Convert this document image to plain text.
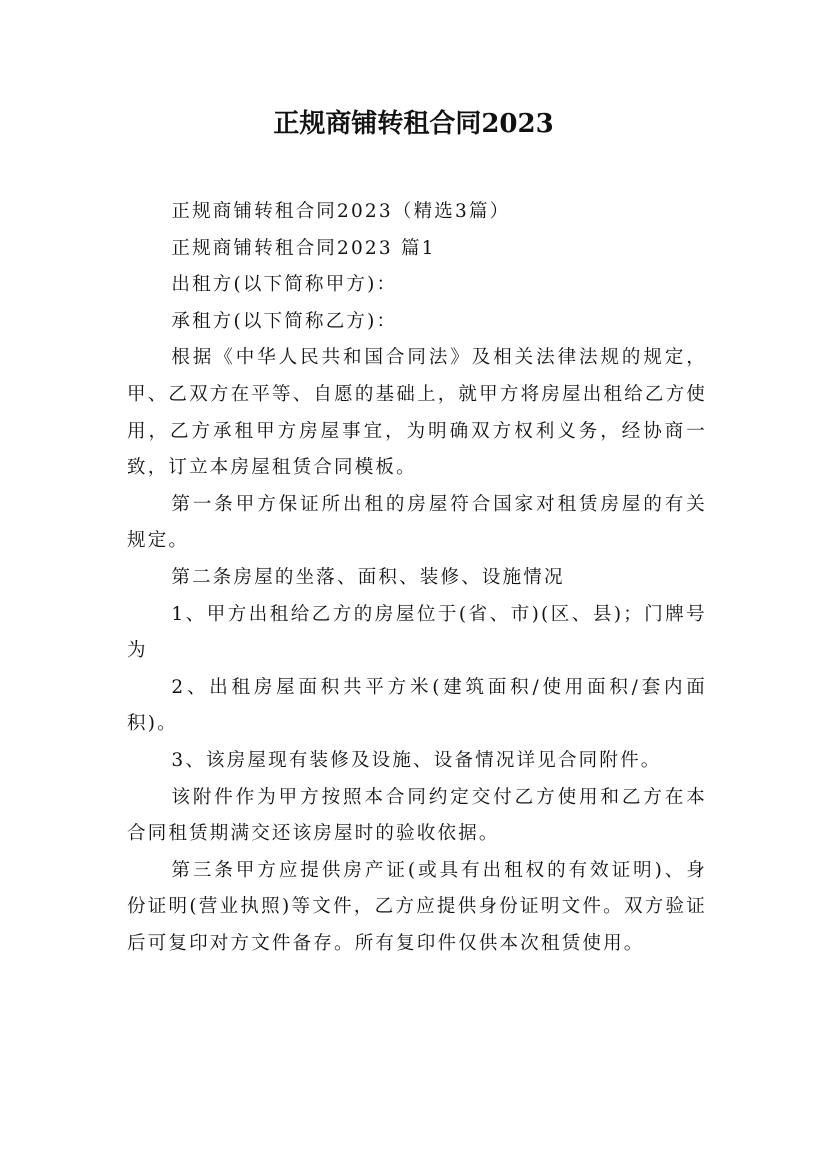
正规商铺转租合同2023

正规商铺转租合同2023（精选3篇）

正规商铺转租合同2023 篇1

出租方(以下简称甲方)：

承租方(以下简称乙方)：

根据《中华人民共和国合同法》及相关法律法规的规定，甲、乙双方在平等、自愿的基础上，就甲方将房屋出租给乙方使用，乙方承租甲方房屋事宜，为明确双方权利义务，经协商一致，订立本房屋租赁合同模板。

第一条甲方保证所出租的房屋符合国家对租赁房屋的有关规定。

第二条房屋的坐落、面积、装修、设施情况

1、甲方出租给乙方的房屋位于(省、市)(区、县)；门牌号为

2、出租房屋面积共平方米(建筑面积/使用面积/套内面积)。

3、该房屋现有装修及设施、设备情况详见合同附件。

该附件作为甲方按照本合同约定交付乙方使用和乙方在本合同租赁期满交还该房屋时的验收依据。

第三条甲方应提供房产证(或具有出租权的有效证明)、身份证明(营业执照)等文件，乙方应提供身份证明文件。双方验证后可复印对方文件备存。所有复印件仅供本次租赁使用。
